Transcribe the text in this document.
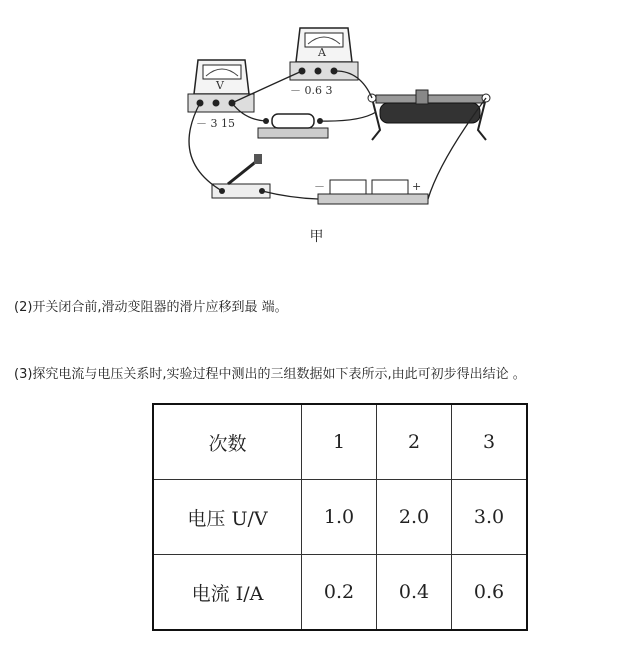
A
－ 0.6 3
V
－ 3 15
－	+
甲
(2)开关闭合前,滑动变阻器的滑片应移到最 端。
(3)探究电流与电压关系时,实验过程中测出的三组数据如下表所示,由此可初步得出结论 。
次数	1	2	3
电压 U/V	1.0	2.0	3.0
电流 I/A	0.2	0.4	0.6
